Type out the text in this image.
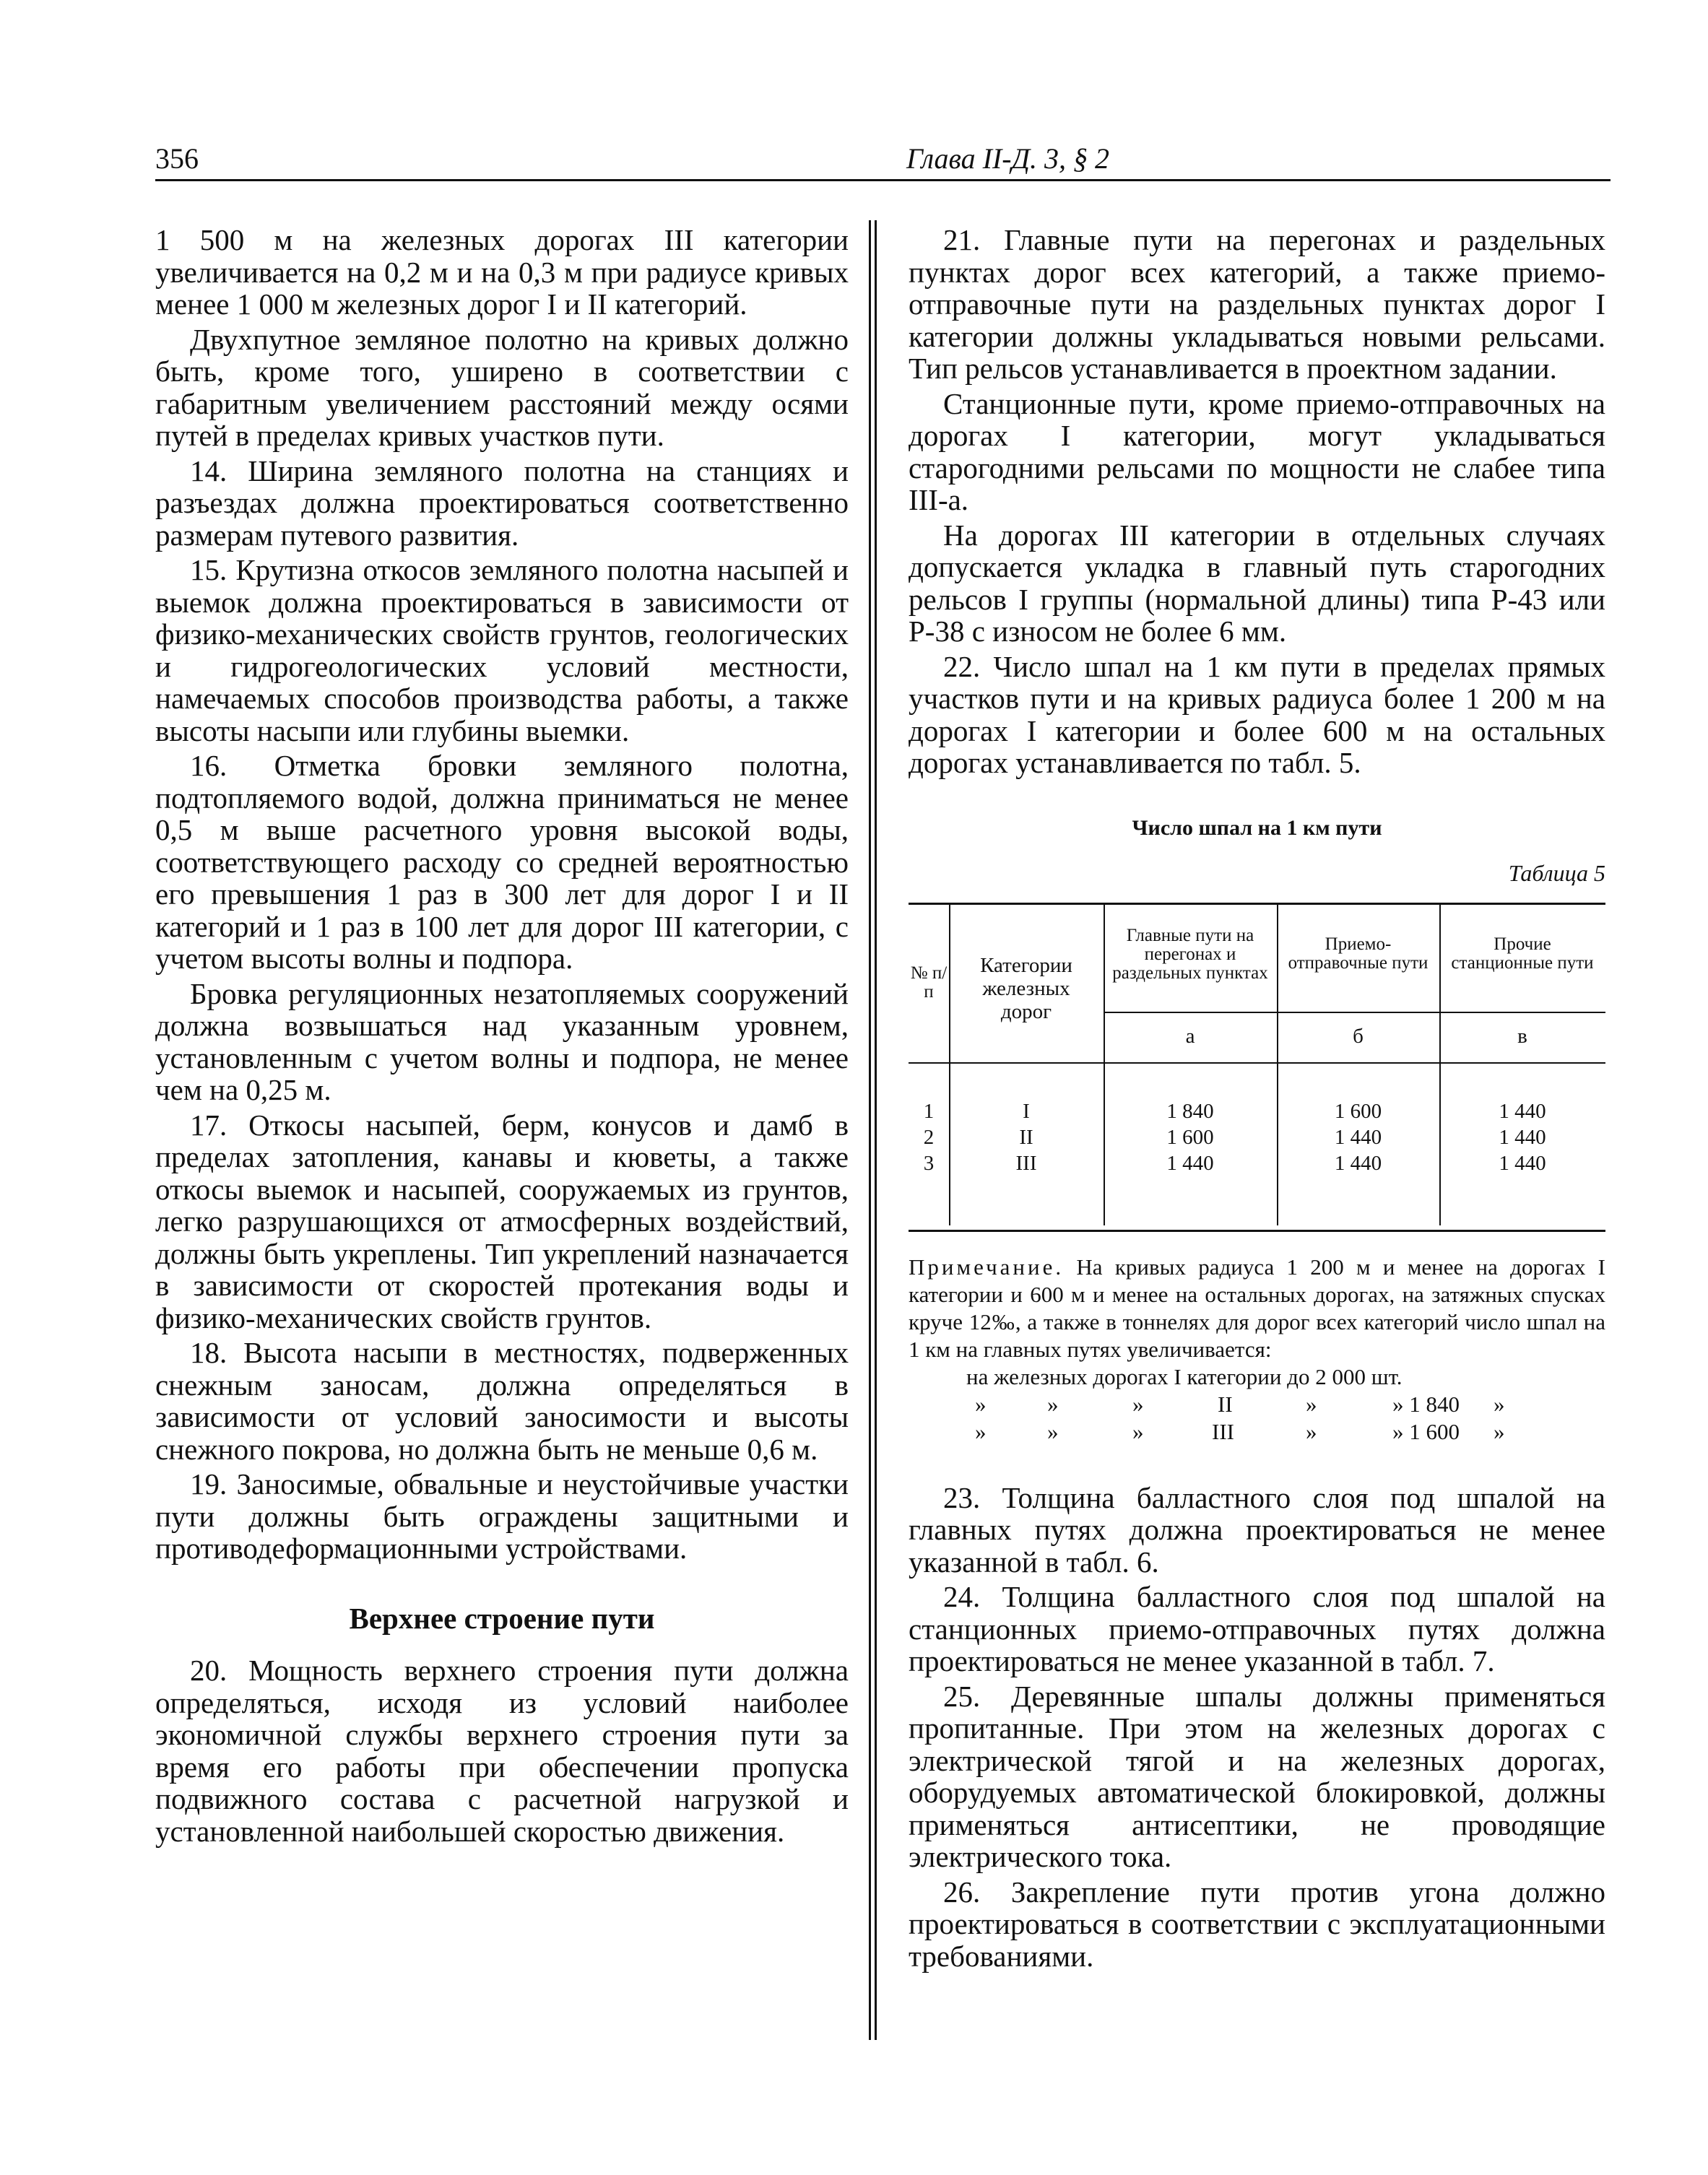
356	Глава II-Д. 3, § 2

1 500 м на железных дорогах III категории увеличивается на 0,2 м и на 0,3 м при радиусе кривых менее 1 000 м железных дорог I и II категорий.

Двухпутное земляное полотно на кривых должно быть, кроме того, уширено в соответствии с габаритным увеличением расстояний между осями путей в пределах кривых участков пути.

14. Ширина земляного полотна на станциях и разъездах должна проектироваться соответственно размерам путевого развития.

15. Крутизна откосов земляного полотна насыпей и выемок должна проектироваться в зависимости от физико-механических свойств грунтов, геологических и гидрогеологических условий местности, намечаемых способов производства работы, а также высоты насыпи или глубины выемки.

16. Отметка бровки земляного полотна, подтопляемого водой, должна приниматься не менее 0,5 м выше расчетного уровня высокой воды, соответствующего расходу со средней вероятностью его превышения 1 раз в 300 лет для дорог I и II категорий и 1 раз в 100 лет для дорог III категории, с учетом высоты волны и подпора.

Бровка регуляционных незатопляемых сооружений должна возвышаться над указанным уровнем, установленным с учетом волны и подпора, не менее чем на 0,25 м.

17. Откосы насыпей, берм, конусов и дамб в пределах затопления, канавы и кюветы, а также откосы выемок и насыпей, сооружаемых из грунтов, легко разрушающихся от атмосферных воздействий, должны быть укреплены. Тип укреплений назначается в зависимости от скоростей протекания воды и физико-механических свойств грунтов.

18. Высота насыпи в местностях, подверженных снежным заносам, должна определяться в зависимости от условий заносимости и высоты снежного покрова, но должна быть не меньше 0,6 м.

19. Заносимые, обвальные и неустойчивые участки пути должны быть ограждены защитными и противодеформационными устройствами.

Верхнее строение пути

20. Мощность верхнего строения пути должна определяться, исходя из условий наиболее экономичной службы верхнего строения пути за время его работы при обеспечении пропуска подвижного состава с расчетной нагрузкой и установленной наибольшей скоростью движения.

21. Главные пути на перегонах и раздельных пунктах дорог всех категорий, а также приемо-отправочные пути на раздельных пунктах дорог I категории должны укладываться новыми рельсами. Тип рельсов устанавливается в проектном задании.

Станционные пути, кроме приемо-отправочных на дорогах I категории, могут укладываться старогодними рельсами по мощности не слабее типа III-а.

На дорогах III категории в отдельных случаях допускается укладка в главный путь старогодних рельсов I группы (нормальной длины) типа Р-43 или Р-38 с износом не более 6 мм.

22. Число шпал на 1 км пути в пределах прямых участков пути и на кривых радиуса более 1 200 м на дорогах I категории и более 600 м на остальных дорогах устанавливается по табл. 5.

Число шпал на 1 км пути
Таблица 5
№ п/п
Категории железных дорог
Главные пути на перегонах и раздельных пунктах
Приемо-отправочные пути
Прочие станционные пути
а	б	в
1	I	1 840	1 600	1 440
2	II	1 600	1 440	1 440
3	III	1 440	1 440	1 440
Примечание. На кривых радиуса 1 200 м и менее на дорогах I категории и 600 м и менее на остальных дорогах, на затяжных спусках круче 12‰, а также в тоннелях для дорог всех категорий число шпал на 1 км на главных путях увеличивается:
на железных дорогах I категории до 2 000 шт.
»	»	»	II	»	» 1 840 »
»	»	»	III	»	» 1 600 »

23. Толщина балластного слоя под шпалой на главных путях должна проектироваться не менее указанной в табл. 6.

24. Толщина балластного слоя под шпалой на станционных приемо-отправочных путях должна проектироваться не менее указанной в табл. 7.

25. Деревянные шпалы должны применяться пропитанные. При этом на железных дорогах с электрической тягой и на железных дорогах, оборудуемых автоматической блокировкой, должны применяться антисептики, не проводящие электрического тока.

26. Закрепление пути против угона должно проектироваться в соответствии с эксплуатационными требованиями.
